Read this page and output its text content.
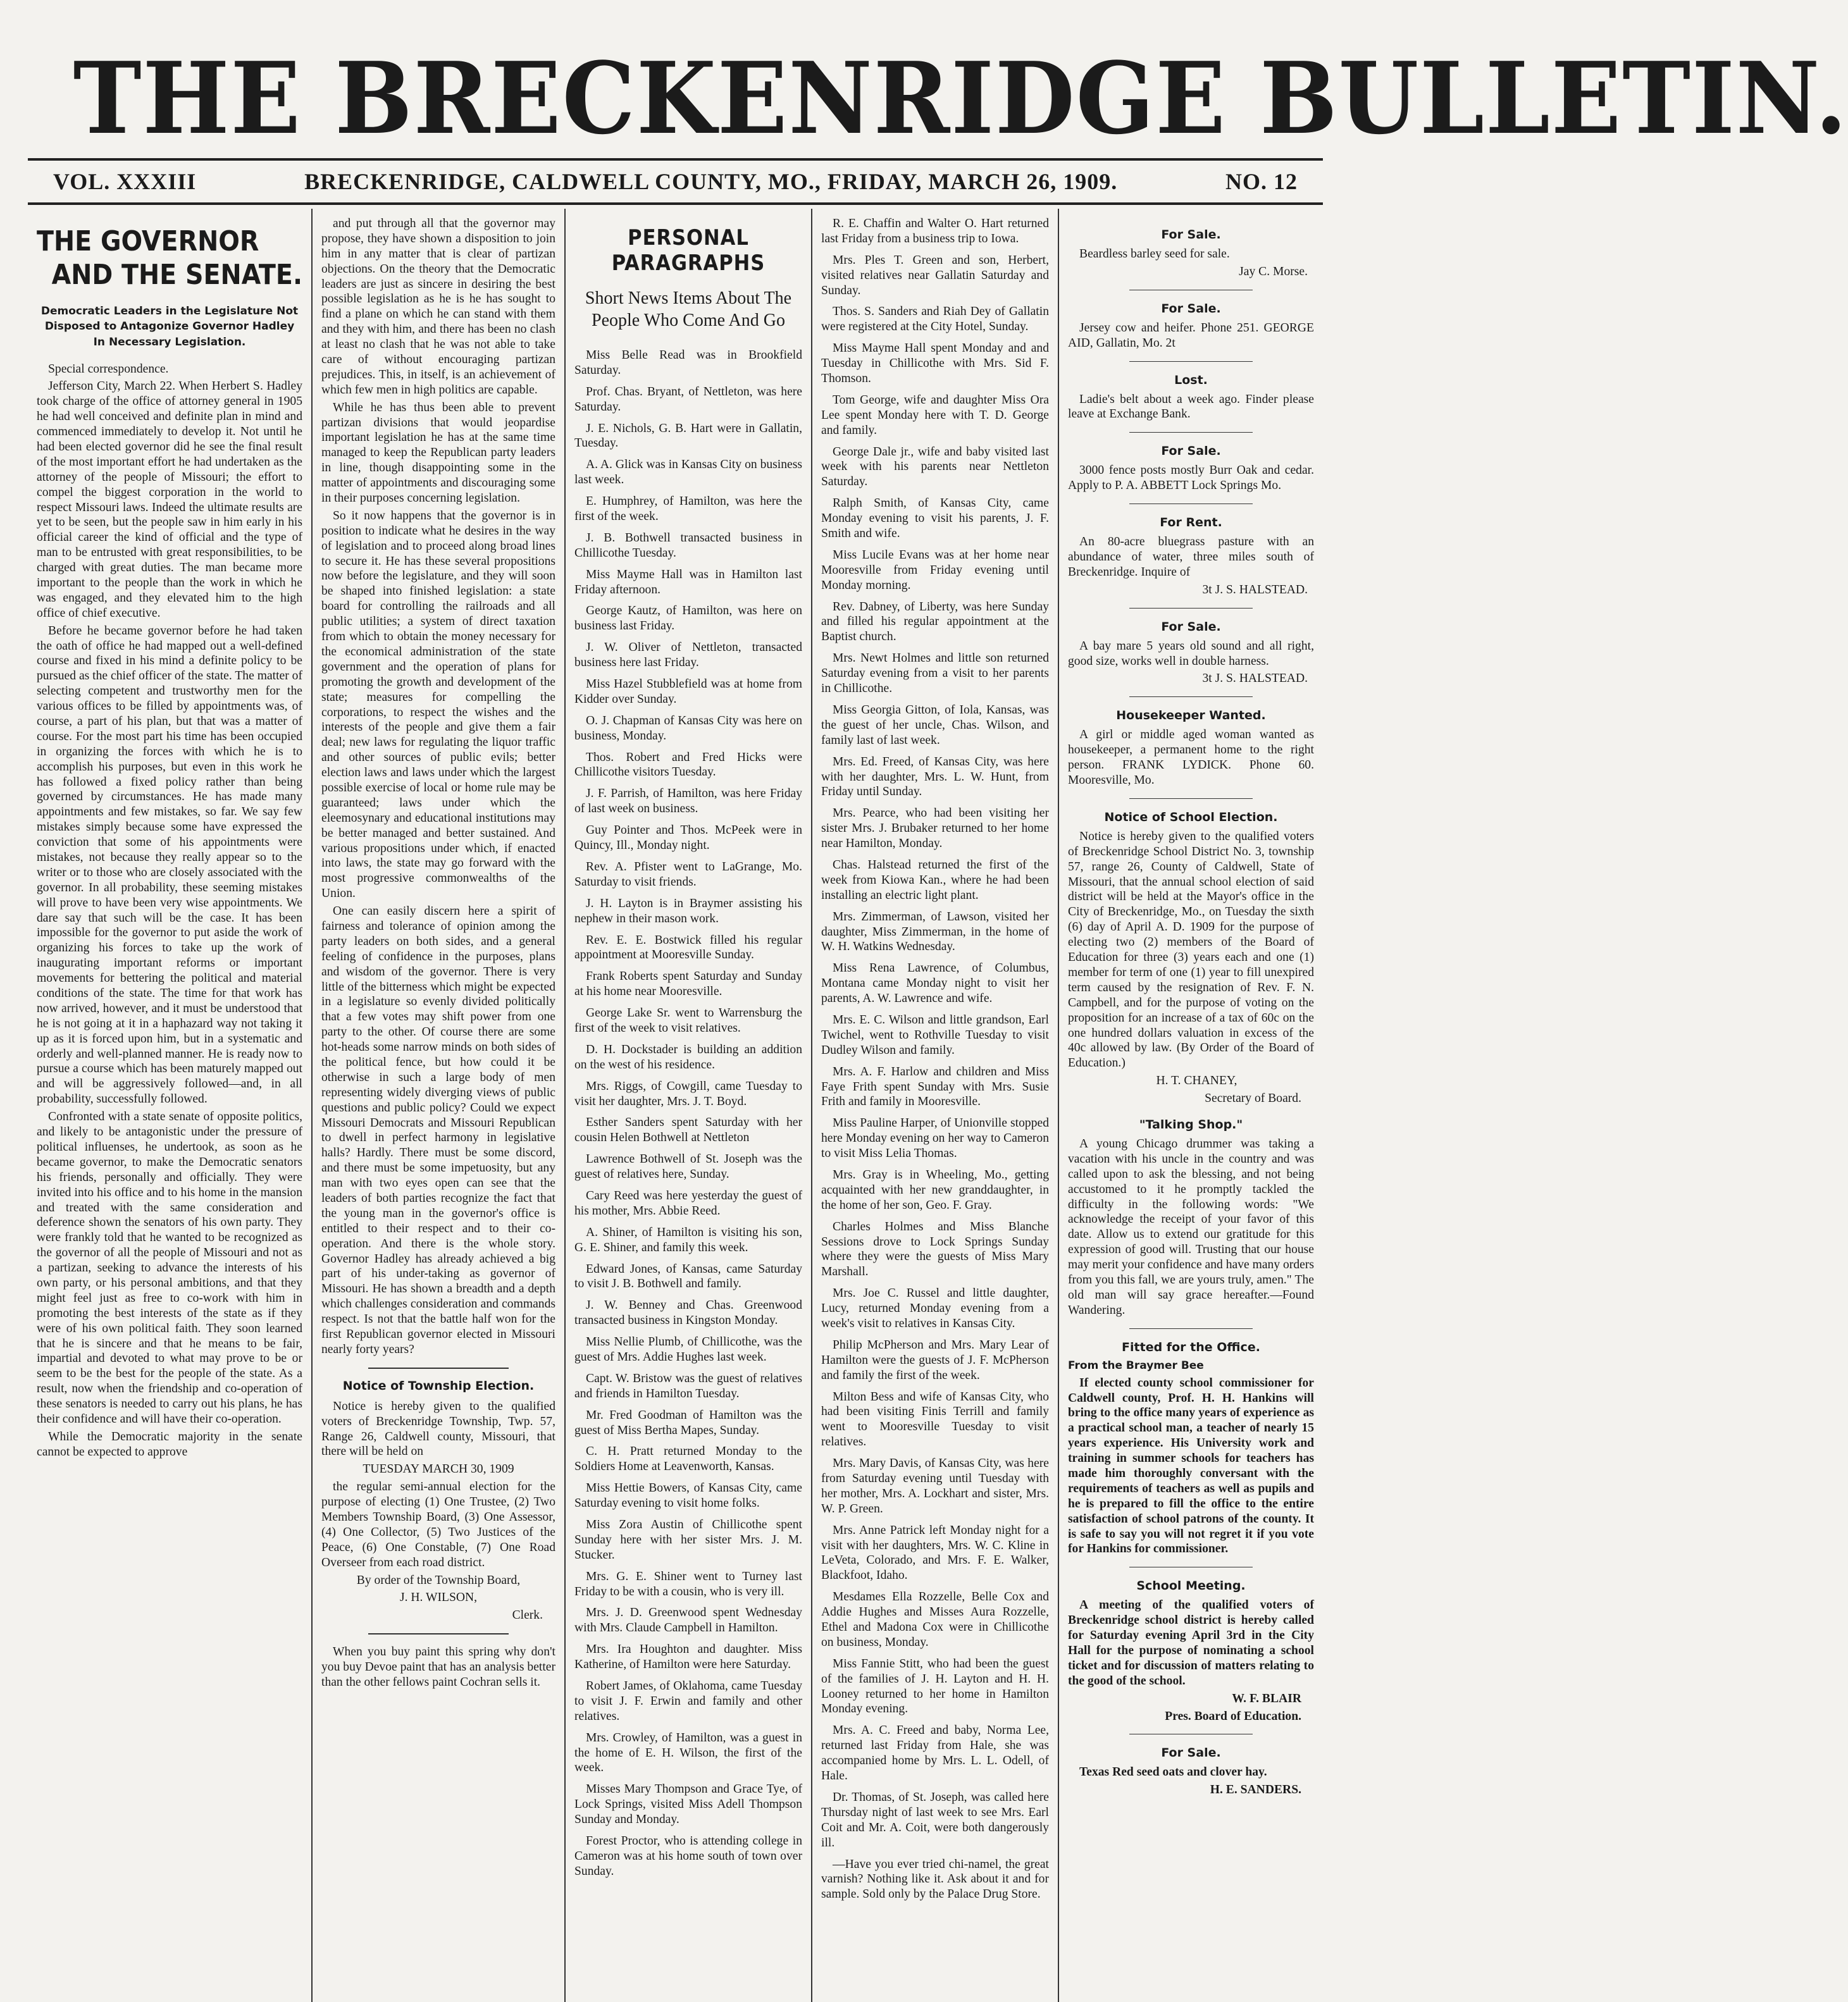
THE BRECKENRIDGE BULLETIN.
VOL. XXXIII	BRECKENRIDGE, CALDWELL COUNTY, MO., FRIDAY, MARCH 26, 1909.	NO. 12
THE GOVERNOR
AND THE SENATE.
Democratic Leaders in the Legislature Not Disposed to Antagonize Governor Hadley In Necessary Legislation.

Special correspondence.

Jefferson City, March 22. When Herbert S. Hadley took charge of the office of attorney general in 1905 he had well conceived and definite plan in mind and commenced immediately to develop it. Not until he had been elected governor did he see the final result of the most important effort he had undertaken as the attorney of the people of Missouri; the effort to compel the biggest corporation in the world to respect Missouri laws. Indeed the ultimate results are yet to be seen, but the people saw in him early in his official career the kind of official and the type of man to be entrusted with great responsibilities, to be charged with great duties. The man became more important to the people than the work in which he was engaged, and they elevated him to the high office of chief executive.

Before he became governor before he had taken the oath of office he had mapped out a well-defined course and fixed in his mind a definite policy to be pursued as the chief officer of the state. The matter of selecting competent and trustworthy men for the various offices to be filled by appointments was, of course, a part of his plan, but that was a matter of course. For the most part his time has been occupied in organizing the forces with which he is to accomplish his purposes, but even in this work he has followed a fixed policy rather than being governed by circumstances. He has made many appointments and few mistakes, so far. We say few mistakes simply because some have expressed the conviction that some of his appointments were mistakes, not because they really appear so to the writer or to those who are closely associated with the governor. In all probability, these seeming mistakes will prove to have been very wise appointments. We dare say that such will be the case. It has been impossible for the governor to put aside the work of organizing his forces to take up the work of inaugurating important reforms or important movements for bettering the political and material conditions of the state. The time for that work has now arrived, however, and it must be understood that he is not going at it in a haphazard way not taking it up as it is forced upon him, but in a systematic and orderly and well-planned manner. He is ready now to pursue a course which has been maturely mapped out and will be aggressively followed—and, in all probability, successfully followed.

Confronted with a state senate of opposite politics, and likely to be antagonistic under the pressure of political influenses, he undertook, as soon as he became governor, to make the Democratic senators his friends, personally and officially. They were invited into his office and to his home in the mansion and treated with the same consideration and deference shown the senators of his own party. They were frankly told that he wanted to be recognized as the governor of all the people of Missouri and not as a partizan, seeking to advance the interests of his own party, or his personal ambitions, and that they might feel just as free to co-work with him in promoting the best interests of the state as if they were of his own political faith. They soon learned that he is sincere and that he means to be fair, impartial and devoted to what may prove to be or seem to be the best for the people of the state. As a result, now when the friendship and co-operation of these senators is needed to carry out his plans, he has their confidence and will have their co-operation.

While the Democratic majority in the senate cannot be expected to approve

and put through all that the governor may propose, they have shown a disposition to join him in any matter that is clear of partizan objections. On the theory that the Democratic leaders are just as sincere in desiring the best possible legislation as he is he has sought to find a plane on which he can stand with them and they with him, and there has been no clash at least no clash that he was not able to take care of without encouraging partizan prejudices. This, in itself, is an achievement of which few men in high politics are capable.

While he has thus been able to prevent partizan divisions that would jeopardise important legislation he has at the same time managed to keep the Republican party leaders in line, though disappointing some in the matter of appointments and discouraging some in their purposes concerning legislation.

So it now happens that the governor is in position to indicate what he desires in the way of legislation and to proceed along broad lines to secure it. He has these several propositions now before the legislature, and they will soon be shaped into finished legislation: a state board for controlling the railroads and all public utilities; a system of direct taxation from which to obtain the money necessary for the economical administration of the state government and the operation of plans for promoting the growth and development of the state; measures for compelling the corporations, to respect the wishes and the interests of the people and give them a fair deal; new laws for regulating the liquor traffic and other sources of public evils; better election laws and laws under which the largest possible exercise of local or home rule may be guaranteed; laws under which the eleemosynary and educational institutions may be better managed and better sustained. And various propositions under which, if enacted into laws, the state may go forward with the most progressive commonwealths of the Union.

One can easily discern here a spirit of fairness and tolerance of opinion among the party leaders on both sides, and a general feeling of confidence in the purposes, plans and wisdom of the governor. There is very little of the bitterness which might be expected in a legislature so evenly divided politically that a few votes may shift power from one party to the other. Of course there are some hot-heads some narrow minds on both sides of the political fence, but how could it be otherwise in such a large body of men representing widely diverging views of public questions and public policy? Could we expect Missouri Democrats and Missouri Republican to dwell in perfect harmony in legislative halls? Hardly. There must be some discord, and there must be some impetuosity, but any man with two eyes open can see that the leaders of both parties recognize the fact that the young man in the governor's office is entitled to their respect and to their co-operation. And there is the whole story. Governor Hadley has already achieved a big part of his under-taking as governor of Missouri. He has shown a breadth and a depth which challenges consideration and commands respect. Is not that the battle half won for the first Republican governor elected in Missouri nearly forty years?

Notice of Township Election.

Notice is hereby given to the qualified voters of Breckenridge Township, Twp. 57, Range 26, Caldwell county, Missouri, that there will be held on

TUESDAY MARCH 30, 1909

the regular semi-annual election for the purpose of electing (1) One Trustee, (2) Two Members Township Board, (3) One Assessor, (4) One Collector, (5) Two Justices of the Peace, (6) One Constable, (7) One Road Overseer from each road district.

By order of the Township Board,

J. H. WILSON,

Clerk.

When you buy paint this spring why don't you buy Devoe paint that has an analysis better than the other fellows paint Cochran sells it.

PERSONAL PARAGRAPHS
Short News Items About The People Who Come And Go

Miss Belle Read was in Brookfield Saturday.

Prof. Chas. Bryant, of Nettleton, was here Saturday.

J. E. Nichols, G. B. Hart were in Gallatin, Tuesday.

A. A. Glick was in Kansas City on business last week.

E. Humphrey, of Hamilton, was here the first of the week.

J. B. Bothwell transacted business in Chillicothe Tuesday.

Miss Mayme Hall was in Hamilton last Friday afternoon.

George Kautz, of Hamilton, was here on business last Friday.

J. W. Oliver of Nettleton, transacted business here last Friday.

Miss Hazel Stubblefield was at home from Kidder over Sunday.

O. J. Chapman of Kansas City was here on business, Monday.

Thos. Robert and Fred Hicks were Chillicothe visitors Tuesday.

J. F. Parrish, of Hamilton, was here Friday of last week on business.

Guy Pointer and Thos. McPeek were in Quincy, Ill., Monday night.

Rev. A. Pfister went to LaGrange, Mo. Saturday to visit friends.

J. H. Layton is in Braymer assisting his nephew in their mason work.

Rev. E. E. Bostwick filled his regular appointment at Mooresville Sunday.

Frank Roberts spent Saturday and Sunday at his home near Mooresville.

George Lake Sr. went to Warrensburg the first of the week to visit relatives.

D. H. Dockstader is building an addition on the west of his residence.

Mrs. Riggs, of Cowgill, came Tuesday to visit her daughter, Mrs. J. T. Boyd.

Esther Sanders spent Saturday with her cousin Helen Bothwell at Nettleton

Lawrence Bothwell of St. Joseph was the guest of relatives here, Sunday.

Cary Reed was here yesterday the guest of his mother, Mrs. Abbie Reed.

A. Shiner, of Hamilton is visiting his son, G. E. Shiner, and family this week.

Edward Jones, of Kansas, came Saturday to visit J. B. Bothwell and family.

J. W. Benney and Chas. Greenwood transacted business in Kingston Monday.

Miss Nellie Plumb, of Chillicothe, was the guest of Mrs. Addie Hughes last week.

Capt. W. Bristow was the guest of relatives and friends in Hamilton Tuesday.

Mr. Fred Goodman of Hamilton was the guest of Miss Bertha Mapes, Sunday.

C. H. Pratt returned Monday to the Soldiers Home at Leavenworth, Kansas.

Miss Hettie Bowers, of Kansas City, came Saturday evening to visit home folks.

Miss Zora Austin of Chillicothe spent Sunday here with her sister Mrs. J. M. Stucker.

Mrs. G. E. Shiner went to Turney last Friday to be with a cousin, who is very ill.

Mrs. J. D. Greenwood spent Wednesday with Mrs. Claude Campbell in Hamilton.

Mrs. Ira Houghton and daughter. Miss Katherine, of Hamilton were here Saturday.

Robert James, of Oklahoma, came Tuesday to visit J. F. Erwin and family and other relatives.

Mrs. Crowley, of Hamilton, was a guest in the home of E. H. Wilson, the first of the week.

Misses Mary Thompson and Grace Tye, of Lock Springs, visited Miss Adell Thompson Sunday and Monday.

Forest Proctor, who is attending college in Cameron was at his home south of town over Sunday.

R. E. Chaffin and Walter O. Hart returned last Friday from a business trip to Iowa.

Mrs. Ples T. Green and son, Herbert, visited relatives near Gallatin Saturday and Sunday.

Thos. S. Sanders and Riah Dey of Gallatin were registered at the City Hotel, Sunday.

Miss Mayme Hall spent Monday and and Tuesday in Chillicothe with Mrs. Sid F. Thomson.

Tom George, wife and daughter Miss Ora Lee spent Monday here with T. D. George and family.

George Dale jr., wife and baby visited last week with his parents near Nettleton Saturday.

Ralph Smith, of Kansas City, came Monday evening to visit his parents, J. F. Smith and wife.

Miss Lucile Evans was at her home near Mooresville from Friday evening until Monday morning.

Rev. Dabney, of Liberty, was here Sunday and filled his regular appointment at the Baptist church.

Mrs. Newt Holmes and little son returned Saturday evening from a visit to her parents in Chillicothe.

Miss Georgia Gitton, of Iola, Kansas, was the guest of her uncle, Chas. Wilson, and family last of last week.

Mrs. Ed. Freed, of Kansas City, was here with her daughter, Mrs. L. W. Hunt, from Friday until Sunday.

Mrs. Pearce, who had been visiting her sister Mrs. J. Brubaker returned to her home near Hamilton, Monday.

Chas. Halstead returned the first of the week from Kiowa Kan., where he had been installing an electric light plant.

Mrs. Zimmerman, of Lawson, visited her daughter, Miss Zimmerman, in the home of W. H. Watkins Wednesday.

Miss Rena Lawrence, of Columbus, Montana came Monday night to visit her parents, A. W. Lawrence and wife.

Mrs. E. C. Wilson and little grandson, Earl Twichel, went to Rothville Tuesday to visit Dudley Wilson and family.

Mrs. A. F. Harlow and children and Miss Faye Frith spent Sunday with Mrs. Susie Frith and family in Mooresville.

Miss Pauline Harper, of Unionville stopped here Monday evening on her way to Cameron to visit Miss Lelia Thomas.

Mrs. Gray is in Wheeling, Mo., getting acquainted with her new granddaughter, in the home of her son, Geo. F. Gray.

Charles Holmes and Miss Blanche Sessions drove to Lock Springs Sunday where they were the guests of Miss Mary Marshall.

Mrs. Joe C. Russel and little daughter, Lucy, returned Monday evening from a week's visit to relatives in Kansas City.

Philip McPherson and Mrs. Mary Lear of Hamilton were the guests of J. F. McPherson and family the first of the week.

Milton Bess and wife of Kansas City, who had been visiting Finis Terrill and family went to Mooresville Tuesday to visit relatives.

Mrs. Mary Davis, of Kansas City, was here from Saturday evening until Tuesday with her mother, Mrs. A. Lockhart and sister, Mrs. W. P. Green.

Mrs. Anne Patrick left Monday night for a visit with her daughters, Mrs. W. C. Kline in LeVeta, Colorado, and Mrs. F. E. Walker, Blackfoot, Idaho.

Mesdames Ella Rozzelle, Belle Cox and Addie Hughes and Misses Aura Rozzelle, Ethel and Madona Cox were in Chillicothe on business, Monday.

Miss Fannie Stitt, who had been the guest of the families of J. H. Layton and H. H. Looney returned to her home in Hamilton Monday evening.

Mrs. A. C. Freed and baby, Norma Lee, returned last Friday from Hale, she was accompanied home by Mrs. L. L. Odell, of Hale.

Dr. Thomas, of St. Joseph, was called here Thursday night of last week to see Mrs. Earl Coit and Mr. A. Coit, were both dangerously ill.

—Have you ever tried chi-namel, the great varnish? Nothing like it. Ask about it and for sample. Sold only by the Palace Drug Store.

For Sale.

Beardless barley seed for sale.

Jay C. Morse.

For Sale.

Jersey cow and heifer. Phone 251. GEORGE AID, Gallatin, Mo. 2t

Lost.

Ladie's belt about a week ago. Finder please leave at Exchange Bank.

For Sale.

3000 fence posts mostly Burr Oak and cedar. Apply to P. A. ABBETT Lock Springs Mo.

For Rent.

An 80-acre bluegrass pasture with an abundance of water, three miles south of Breckenridge. Inquire of

3t J. S. HALSTEAD.

For Sale.

A bay mare 5 years old sound and all right, good size, works well in double harness.

3t J. S. HALSTEAD.

Housekeeper Wanted.

A girl or middle aged woman wanted as housekeeper, a permanent home to the right person. FRANK LYDICK. Phone 60. Mooresville, Mo.

Notice of School Election.

Notice is hereby given to the qualified voters of Breckenridge School District No. 3, township 57, range 26, County of Caldwell, State of Missouri, that the annual school election of said district will be held at the Mayor's office in the City of Breckenridge, Mo., on Tuesday the sixth (6) day of April A. D. 1909 for the purpose of electing two (2) members of the Board of Education for three (3) years each and one (1) member for term of one (1) year to fill unexpired term caused by the resignation of Rev. F. N. Campbell, and for the purpose of voting on the proposition for an increase of a tax of 60c on the one hundred dollars valuation in excess of the 40c allowed by law. (By Order of the Board of Education.)

H. T. CHANEY,

Secretary of Board.

"Talking Shop."

A young Chicago drummer was taking a vacation with his uncle in the country and was called upon to ask the blessing, and not being accustomed to it he promptly tackled the difficulty in the following words: "We acknowledge the receipt of your favor of this date. Allow us to extend our gratitude for this expression of good will. Trusting that our house may merit your confidence and have many orders from you this fall, we are yours truly, amen." The old man will say grace hereafter.—Found Wandering.

Fitted for the Office.
From the Braymer Bee

If elected county school commissioner for Caldwell county, Prof. H. H. Hankins will bring to the office many years of experience as a practical school man, a teacher of nearly 15 years experience. His University work and training in summer schools for teachers has made him thoroughly conversant with the requirements of teachers as well as pupils and he is prepared to fill the office to the entire satisfaction of school patrons of the county. It is safe to say you will not regret it if you vote for Hankins for commissioner.

School Meeting.

A meeting of the qualified voters of Breckenridge school district is hereby called for Saturday evening April 3rd in the City Hall for the purpose of nominating a school ticket and for discussion of matters relating to the good of the school.

W. F. BLAIR

Pres. Board of Education.

For Sale.

Texas Red seed oats and clover hay.

H. E. SANDERS.
